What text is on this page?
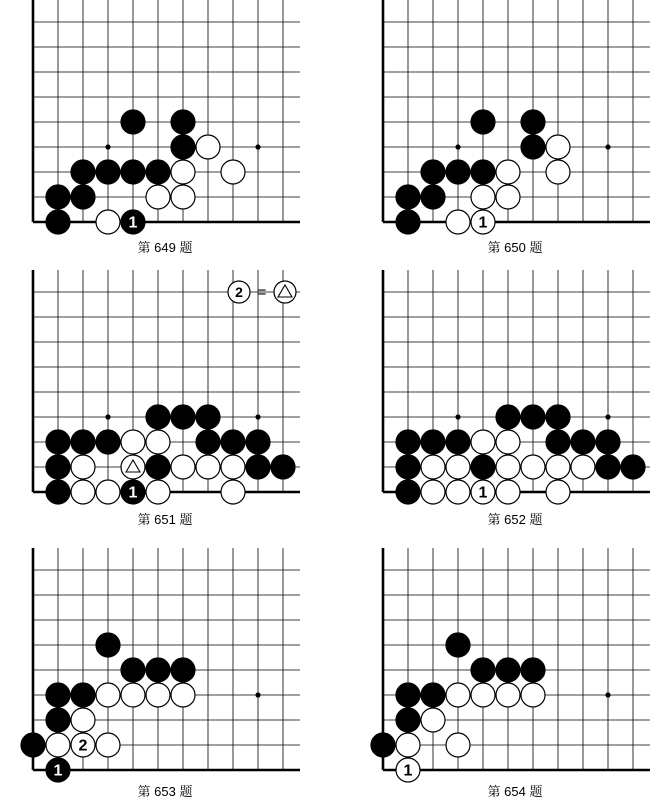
1
第 649 题
1
第 650 题
1
2 =
第 651 题
1
第 652 题
2
1
第 653 题
1
第 654 题
